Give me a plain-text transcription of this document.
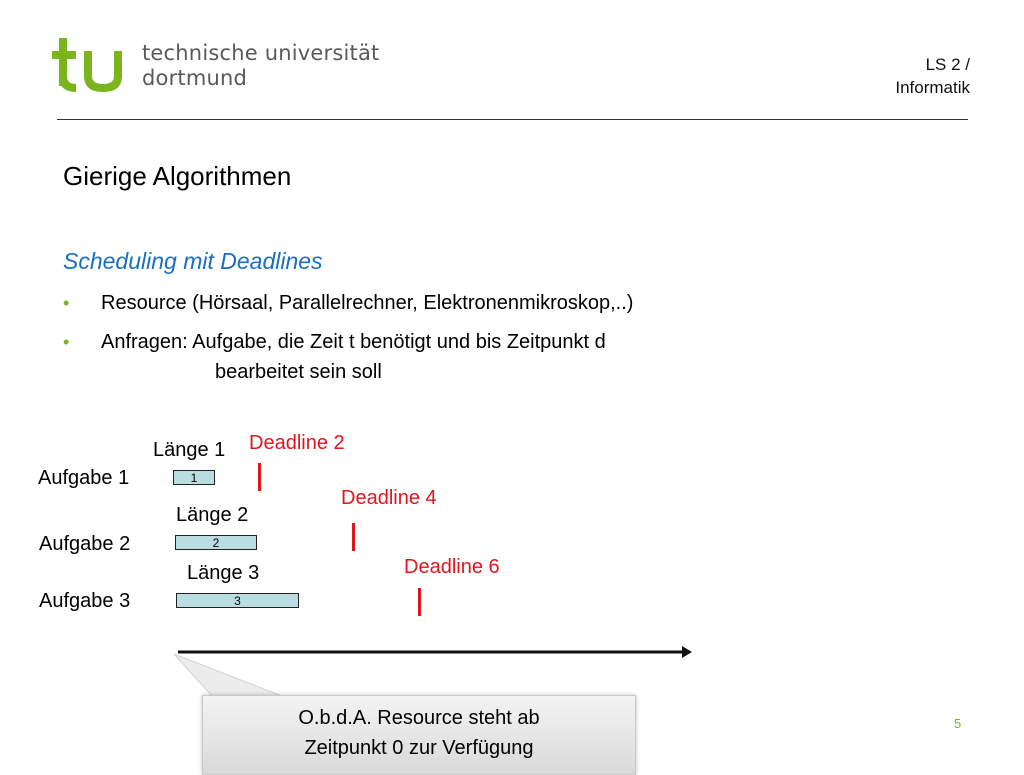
technische universität
dortmund
LS 2 /
Informatik
Gierige Algorithmen
Scheduling mit Deadlines
• Resource (Hörsaal, Parallelrechner, Elektronenmikroskop,..)
• Anfragen: Aufgabe, die Zeit t benötigt und bis Zeitpunkt d
bearbeitet sein soll
Länge 1 Deadline 2
Aufgabe 1	1
Länge 2
Deadline 4
Aufgabe 2	2
Länge 3	Deadline 6
Aufgabe 3	3
O.b.d.A. Resource steht ab
Zeitpunkt 0 zur Verfügung
5
